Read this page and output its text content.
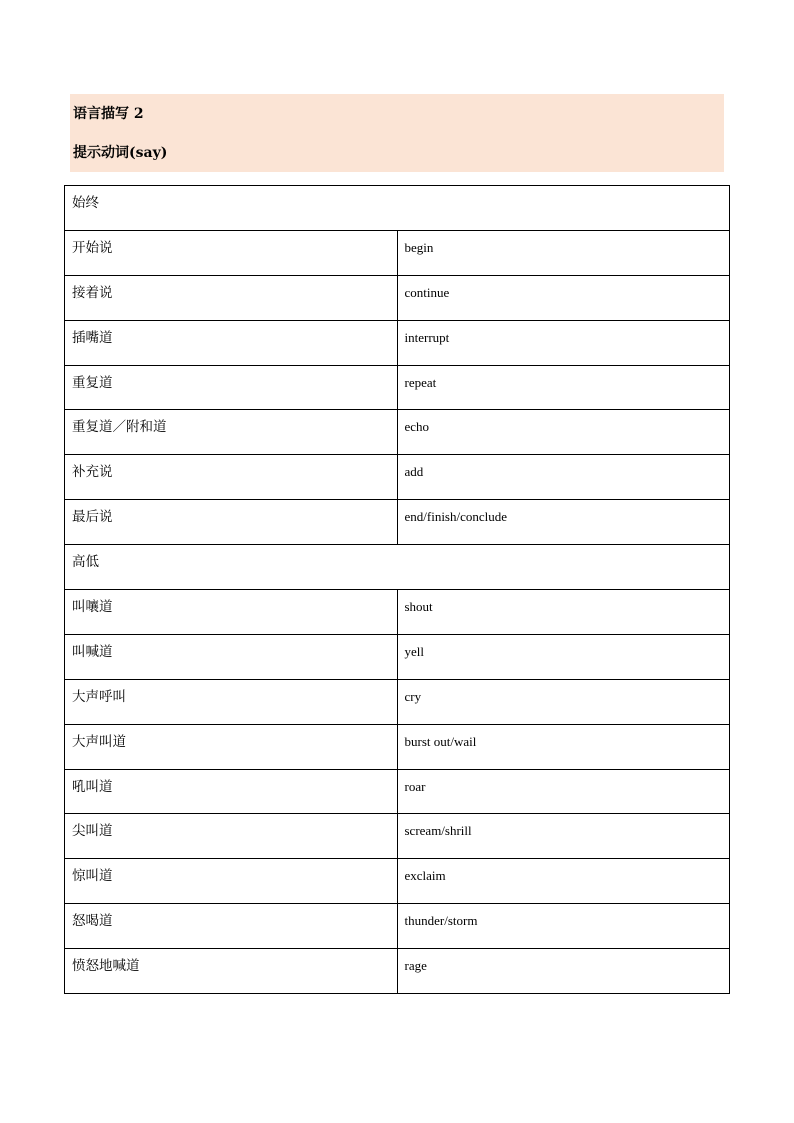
语言描写 2
提示动词(say)
始终	
开始说	begin
接着说	continue
插嘴道	interrupt
重复道	repeat
重复道／附和道	echo
补充说	add
最后说	end/finish/conclude
高低	
叫嚷道	shout
叫喊道	yell
大声呼叫	cry
大声叫道	burst out/wail
吼叫道	roar
尖叫道	scream/shrill
惊叫道	exclaim
怒喝道	thunder/storm
愤怒地喊道	rage
